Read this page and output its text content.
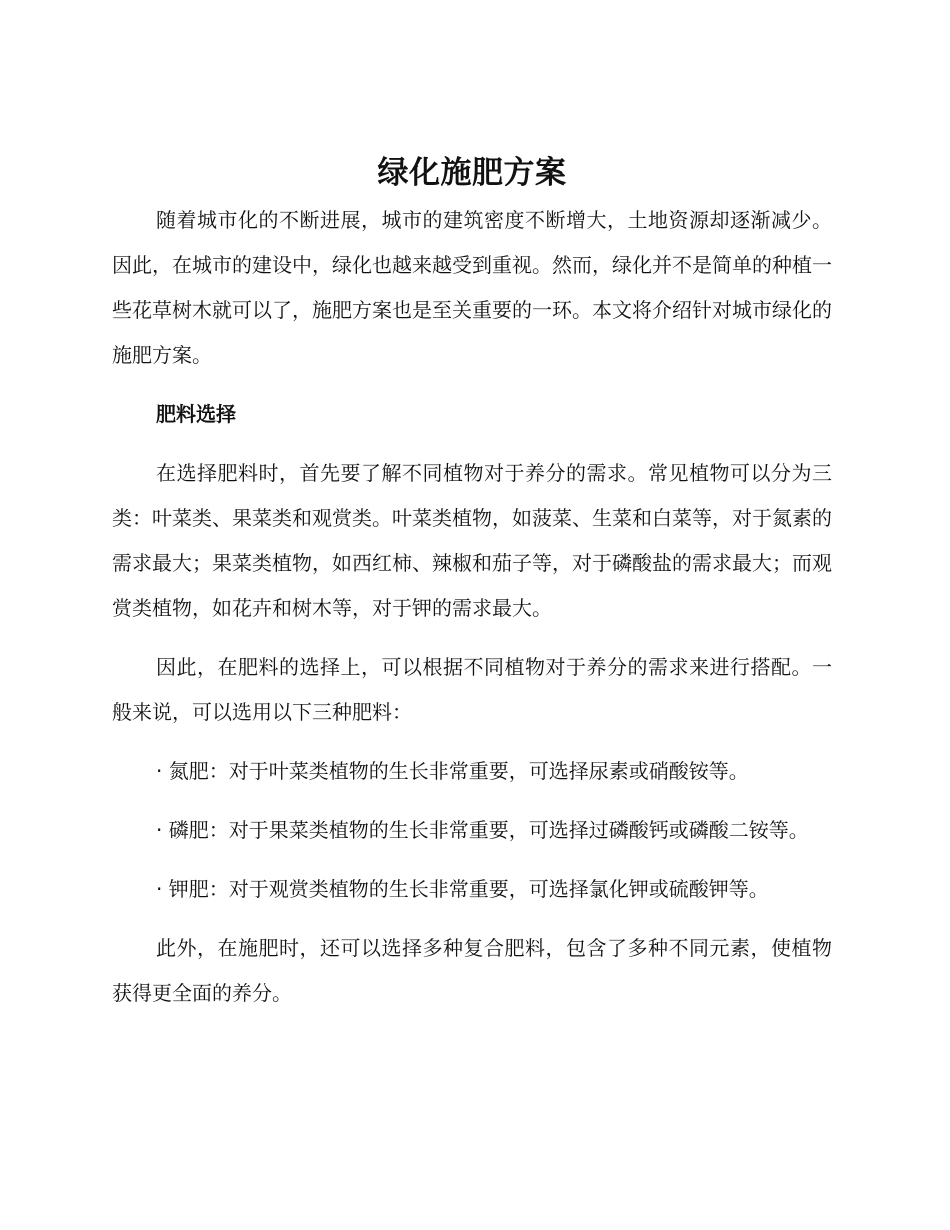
绿化施肥方案

随着城市化的不断进展，城市的建筑密度不断增大，土地资源却逐渐减少。因此，在城市的建设中，绿化也越来越受到重视。然而，绿化并不是简单的种植一些花草树木就可以了，施肥方案也是至关重要的一环。本文将介绍针对城市绿化的施肥方案。

肥料选择

在选择肥料时，首先要了解不同植物对于养分的需求。常见植物可以分为三类：叶菜类、果菜类和观赏类。叶菜类植物，如菠菜、生菜和白菜等，对于氮素的需求最大；果菜类植物，如西红柿、辣椒和茄子等，对于磷酸盐的需求最大；而观赏类植物，如花卉和树木等，对于钾的需求最大。

因此，在肥料的选择上，可以根据不同植物对于养分的需求来进行搭配。一般来说，可以选用以下三种肥料：

· 氮肥：对于叶菜类植物的生长非常重要，可选择尿素或硝酸铵等。

· 磷肥：对于果菜类植物的生长非常重要，可选择过磷酸钙或磷酸二铵等。

· 钾肥：对于观赏类植物的生长非常重要，可选择氯化钾或硫酸钾等。

此外，在施肥时，还可以选择多种复合肥料，包含了多种不同元素，使植物获得更全面的养分。
